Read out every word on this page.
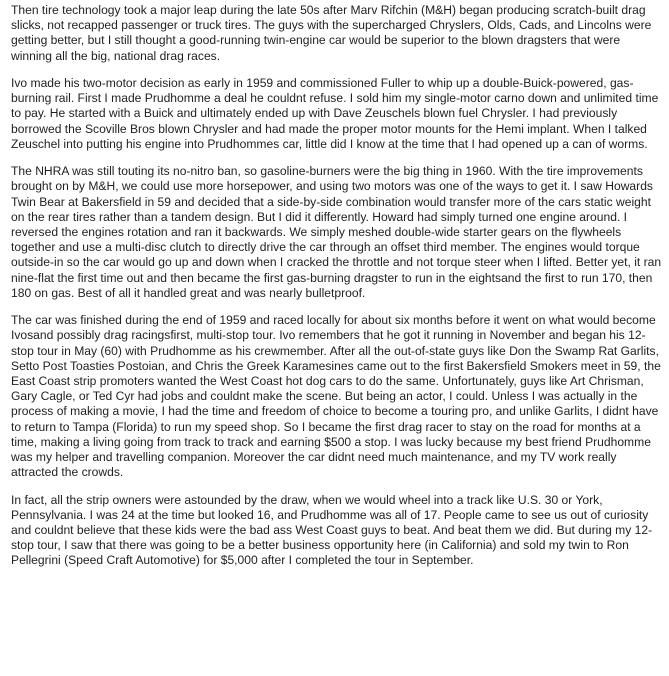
Then tire technology took a major leap during the late 50s after Marv Rifchin (M&H) began producing scratch-built drag slicks, not recapped passenger or truck tires. The guys with the supercharged Chryslers, Olds, Cads, and Lincolns were getting better, but I still thought a good-running twin-engine car would be superior to the blown dragsters that were winning all the big, national drag races.

Ivo made his two-motor decision as early in 1959 and commissioned Fuller to whip up a double-Buick-powered, gas-burning rail. First I made Prudhomme a deal he couldnt refuse. I sold him my single-motor carno down and unlimited time to pay. He started with a Buick and ultimately ended up with Dave Zeuschels blown fuel Chrysler. I had previously borrowed the Scoville Bros blown Chrysler and had made the proper motor mounts for the Hemi implant. When I talked Zeuschel into putting his engine into Prudhommes car, little did I know at the time that I had opened up a can of worms.

The NHRA was still touting its no-nitro ban, so gasoline-burners were the big thing in 1960. With the tire improvements brought on by M&H, we could use more horsepower, and using two motors was one of the ways to get it. I saw Howards Twin Bear at Bakersfield in 59 and decided that a side-by-side combination would transfer more of the cars static weight on the rear tires rather than a tandem design. But I did it differently. Howard had simply turned one engine around. I reversed the engines rotation and ran it backwards. We simply meshed double-wide starter gears on the flywheels together and use a multi-disc clutch to directly drive the car through an offset third member. The engines would torque outside-in so the car would go up and down when I cracked the throttle and not torque steer when I lifted. Better yet, it ran nine-flat the first time out and then became the first gas-burning dragster to run in the eightsand the first to run 170, then 180 on gas. Best of all it handled great and was nearly bulletproof.

The car was finished during the end of 1959 and raced locally for about six months before it went on what would become Ivosand possibly drag racingsfirst, multi-stop tour. Ivo remembers that he got it running in November and began his 12-stop tour in May (60) with Prudhomme as his crewmember. After all the out-of-state guys like Don the Swamp Rat Garlits, Setto Post Toasties Postoian, and Chris the Greek Karamesines came out to the first Bakersfield Smokers meet in 59, the East Coast strip promoters wanted the West Coast hot dog cars to do the same. Unfortunately, guys like Art Chrisman, Gary Cagle, or Ted Cyr had jobs and couldnt make the scene. But being an actor, I could. Unless I was actually in the process of making a movie, I had the time and freedom of choice to become a touring pro, and unlike Garlits, I didnt have to return to Tampa (Florida) to run my speed shop. So I became the first drag racer to stay on the road for months at a time, making a living going from track to track and earning $500 a stop. I was lucky because my best friend Prudhomme was my helper and travelling companion. Moreover the car didnt need much maintenance, and my TV work really attracted the crowds.

In fact, all the strip owners were astounded by the draw, when we would wheel into a track like U.S. 30 or York, Pennsylvania. I was 24 at the time but looked 16, and Prudhomme was all of 17. People came to see us out of curiosity and couldnt believe that these kids were the bad ass West Coast guys to beat. And beat them we did. But during my 12-stop tour, I saw that there was going to be a better business opportunity here (in California) and sold my twin to Ron Pellegrini (Speed Craft Automotive) for $5,000 after I completed the tour in September.
